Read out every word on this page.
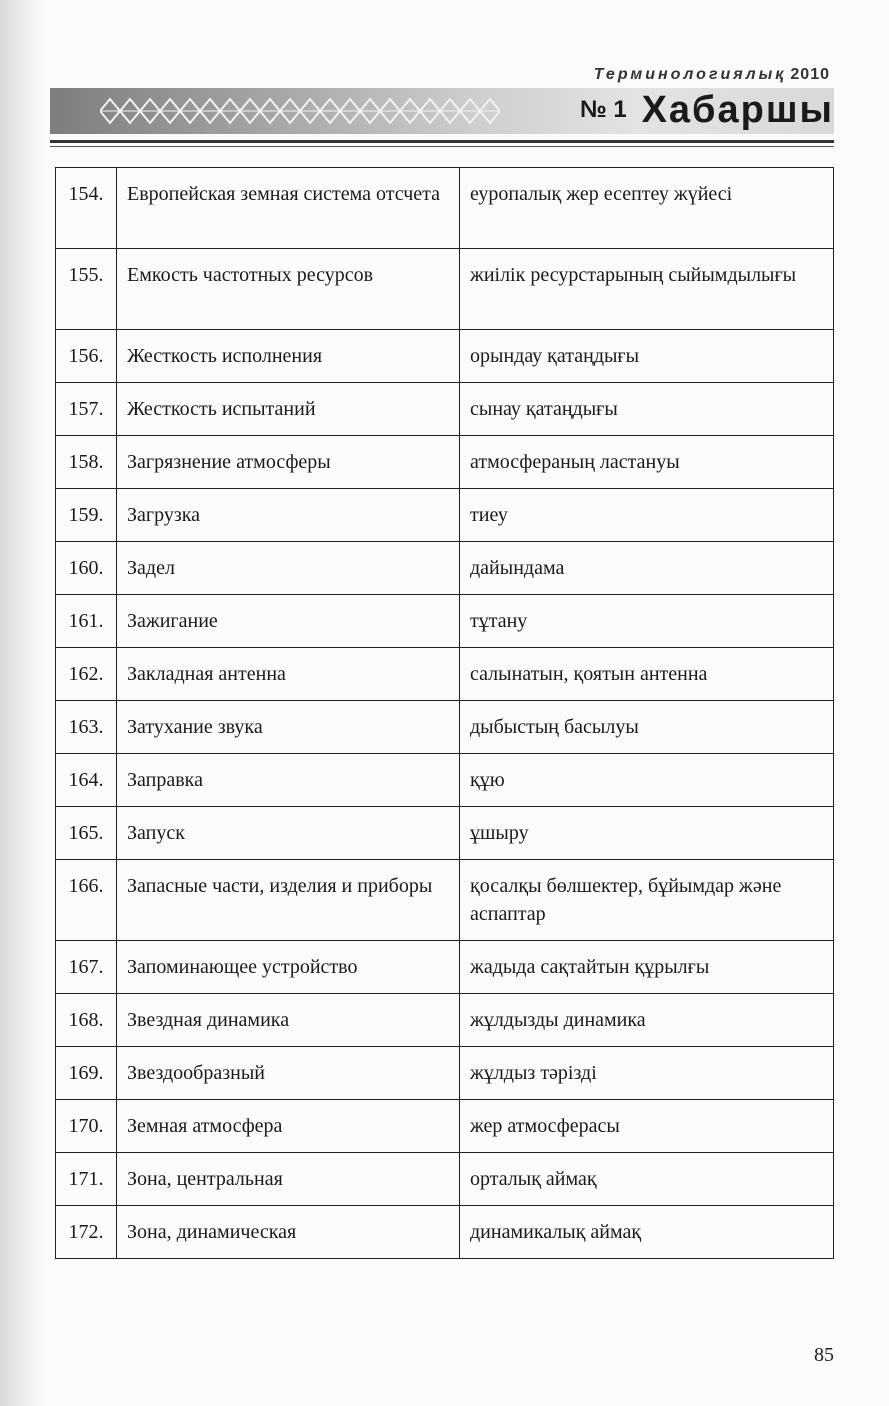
Терминологиялық 2010
№ 1 Хабаршы
154.	Европейская земная система отсчета	еуропалық жер есептеу жүйесі
155.	Емкость частотных ресурсов	жиілік ресурстарының сыйымдылығы
156.	Жесткость исполнения	орындау қатаңдығы
157.	Жесткость испытаний	сынау қатаңдығы
158.	Загрязнение атмосферы	атмосфераның ластануы
159.	Загрузка	тиеу
160.	Задел	дайындама
161.	Зажигание	тұтану
162.	Закладная антенна	салынатын, қоятын антенна
163.	Затухание звука	дыбыстың басылуы
164.	Заправка	құю
165.	Запуск	ұшыру
166.	Запасные части, изделия и приборы	қосалқы бөлшектер, бұйымдар және аспаптар
167.	Запоминающее устройство	жадыда сақтайтын құрылғы
168.	Звездная динамика	жұлдызды динамика
169.	Звездообразный	жұлдыз тәрізді
170.	Земная атмосфера	жер атмосферасы
171.	Зона, центральная	орталық аймақ
172.	Зона, динамическая	динамикалық аймақ
85
